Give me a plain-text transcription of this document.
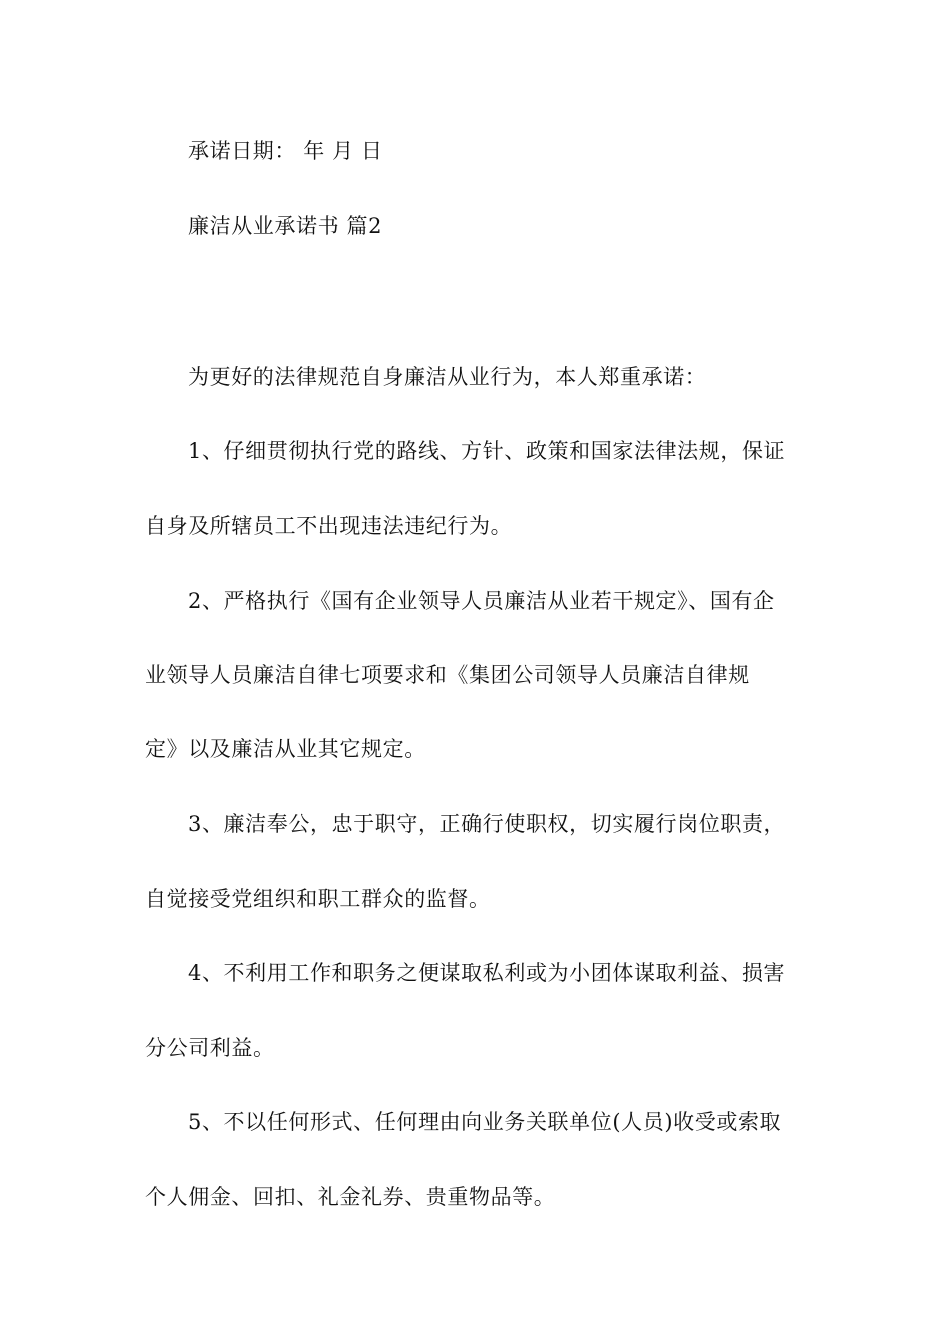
承诺日期： 年 月 日
廉洁从业承诺书 篇2
为更好的法律规范自身廉洁从业行为，本人郑重承诺：
1、仔细贯彻执行党的路线、方针、政策和国家法律法规，保证
自身及所辖员工不出现违法违纪行为。
2、严格执行《国有企业领导人员廉洁从业若干规定》、国有企
业领导人员廉洁自律七项要求和《集团公司领导人员廉洁自律规
定》以及廉洁从业其它规定。
3、廉洁奉公，忠于职守，正确行使职权，切实履行岗位职责，
自觉接受党组织和职工群众的监督。
4、不利用工作和职务之便谋取私利或为小团体谋取利益、损害
分公司利益。
5、不以任何形式、任何理由向业务关联单位(人员)收受或索取
个人佣金、回扣、礼金礼券、贵重物品等。
